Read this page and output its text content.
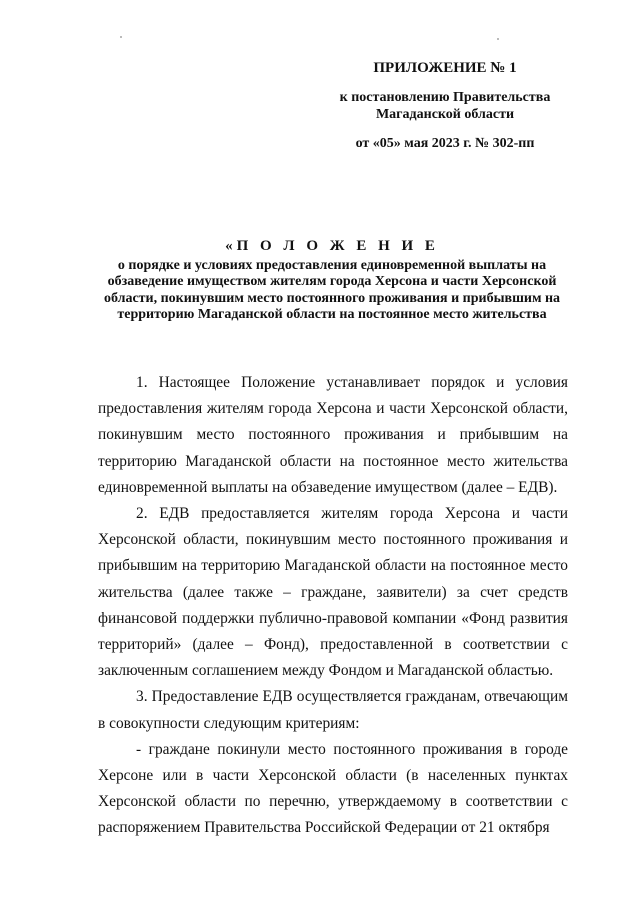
ПРИЛОЖЕНИЕ № 1
к постановлению Правительства Магаданской области
от «05» мая 2023 г. № 302-пп
«П О Л О Ж Е Н И Е
о порядке и условиях предоставления единовременной выплаты на обзаведение имуществом жителям города Херсона и части Херсонской области, покинувшим место постоянного проживания и прибывшим на территорию Магаданской области на постоянное место жительства

1. Настоящее Положение устанавливает порядок и условия предоставления жителям города Херсона и части Херсонской области, покинувшим место постоянного проживания и прибывшим на территорию Магаданской области на постоянное место жительства единовременной выплаты на обзаведение имуществом (далее – ЕДВ).

2. ЕДВ предоставляется жителям города Херсона и части Херсонской области, покинувшим место постоянного проживания и прибывшим на территорию Магаданской области на постоянное место жительства (далее также – граждане, заявители) за счет средств финансовой поддержки публично-правовой компании «Фонд развития территорий» (далее – Фонд), предоставленной в соответствии с заключенным соглашением между Фондом и Магаданской областью.

3. Предоставление ЕДВ осуществляется гражданам, отвечающим в совокупности следующим критериям:

- граждане покинули место постоянного проживания в городе Херсоне или в части Херсонской области (в населенных пунктах Херсонской области по перечню, утверждаемому в соответствии с распоряжением Правительства Российской Федерации от 21 октября
